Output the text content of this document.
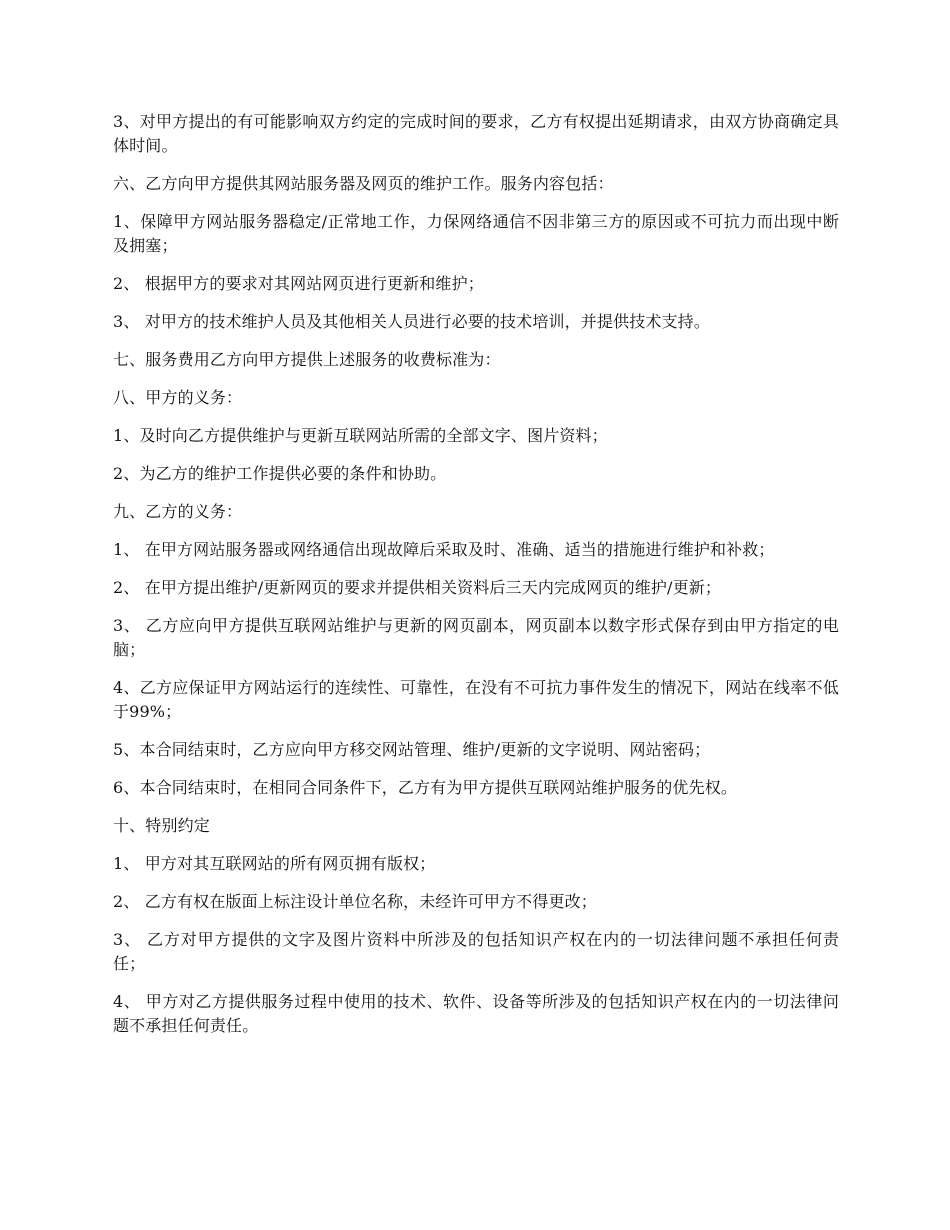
3、对甲方提出的有可能影响双方约定的完成时间的要求，乙方有权提出延期请求，由双方协商确定具体时间。

六、乙方向甲方提供其网站服务器及网页的维护工作。服务内容包括：

1、保障甲方网站服务器稳定/正常地工作，力保网络通信不因非第三方的原因或不可抗力而出现中断及拥塞；

2、 根据甲方的要求对其网站网页进行更新和维护；

3、 对甲方的技术维护人员及其他相关人员进行必要的技术培训，并提供技术支持。

七、服务费用乙方向甲方提供上述服务的收费标准为：

八、甲方的义务：

1、及时向乙方提供维护与更新互联网站所需的全部文字、图片资料；

2、为乙方的维护工作提供必要的条件和协助。

九、乙方的义务：

1、 在甲方网站服务器或网络通信出现故障后采取及时、准确、适当的措施进行维护和补救；

2、 在甲方提出维护/更新网页的要求并提供相关资料后三天内完成网页的维护/更新；

3、 乙方应向甲方提供互联网站维护与更新的网页副本，网页副本以数字形式保存到由甲方指定的电脑；

4、乙方应保证甲方网站运行的连续性、可靠性，在没有不可抗力事件发生的情况下，网站在线率不低于99%；

5、本合同结束时，乙方应向甲方移交网站管理、维护/更新的文字说明、网站密码；

6、本合同结束时，在相同合同条件下，乙方有为甲方提供互联网站维护服务的优先权。

十、特别约定

1、 甲方对其互联网站的所有网页拥有版权；

2、 乙方有权在版面上标注设计单位名称，未经许可甲方不得更改；

3、 乙方对甲方提供的文字及图片资料中所涉及的包括知识产权在内的一切法律问题不承担任何责任；

4、 甲方对乙方提供服务过程中使用的技术、软件、设备等所涉及的包括知识产权在内的一切法律问题不承担任何责任。
